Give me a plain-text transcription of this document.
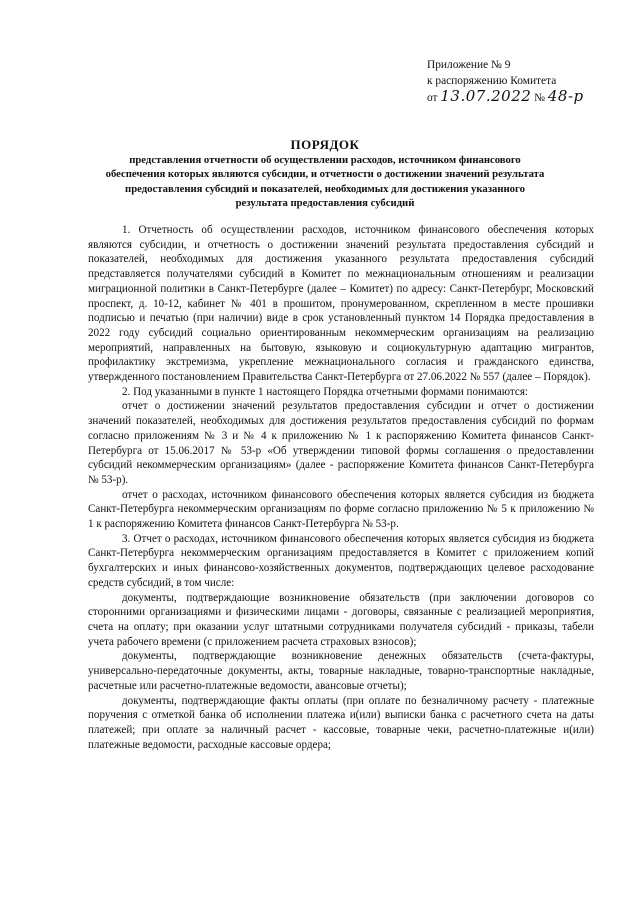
Приложение № 9
к распоряжению Комитета
от 13.07.2022 № 48-р
ПОРЯДОК
представления отчетности об осуществлении расходов, источником финансового обеспечения которых являются субсидии, и отчетности о достижении значений результата предоставления субсидий и показателей, необходимых для достижения указанного результата предоставления субсидий

1. Отчетность об осуществлении расходов, источником финансового обеспечения которых являются субсидии, и отчетность о достижении значений результата предоставления субсидий и показателей, необходимых для достижения указанного результата предоставления субсидий представляется получателями субсидий в Комитет по межнациональным отношениям и реализации миграционной политики в Санкт-Петербурге (далее – Комитет) по адресу: Санкт-Петербург, Московский проспект, д. 10-12, кабинет № 401 в прошитом, пронумерованном, скрепленном в месте прошивки подписью и печатью (при наличии) виде в срок установленный пунктом 14 Порядка предоставления в 2022 году субсидий социально ориентированным некоммерческим организациям на реализацию мероприятий, направленных на бытовую, языковую и социокультурную адаптацию мигрантов, профилактику экстремизма, укрепление межнационального согласия и гражданского единства, утвержденного постановлением Правительства Санкт-Петербурга от 27.06.2022 № 557 (далее – Порядок).

2. Под указанными в пункте 1 настоящего Порядка отчетными формами понимаются:

отчет о достижении значений результатов предоставления субсидии и отчет о достижении значений показателей, необходимых для достижения результатов предоставления субсидий по формам согласно приложениям № 3 и № 4 к приложению № 1 к распоряжению Комитета финансов Санкт-Петербурга от 15.06.2017 № 53-р «Об утверждении типовой формы соглашения о предоставлении субсидий некоммерческим организациям» (далее - распоряжение Комитета финансов Санкт-Петербурга № 53-р).

отчет о расходах, источником финансового обеспечения которых является субсидия из бюджета Санкт-Петербурга некоммерческим организациям по форме согласно приложению № 5 к приложению № 1 к распоряжению Комитета финансов Санкт-Петербурга № 53-р.

3. Отчет о расходах, источником финансового обеспечения которых является субсидия из бюджета Санкт-Петербурга некоммерческим организациям предоставляется в Комитет с приложением копий бухгалтерских и иных финансово-хозяйственных документов, подтверждающих целевое расходование средств субсидий, в том числе:

документы, подтверждающие возникновение обязательств (при заключении договоров со сторонними организациями и физическими лицами - договоры, связанные с реализацией мероприятия, счета на оплату; при оказании услуг штатными сотрудниками получателя субсидий - приказы, табели учета рабочего времени (с приложением расчета страховых взносов);

документы, подтверждающие возникновение денежных обязательств (счета-фактуры, универсально-передаточные документы, акты, товарные накладные, товарно-транспортные накладные, расчетные или расчетно-платежные ведомости, авансовые отчеты);

документы, подтверждающие факты оплаты (при оплате по безналичному расчету - платежные поручения с отметкой банка об исполнении платежа и(или) выписки банка с расчетного счета на даты платежей; при оплате за наличный расчет - кассовые, товарные чеки, расчетно-платежные и(или) платежные ведомости, расходные кассовые ордера;
